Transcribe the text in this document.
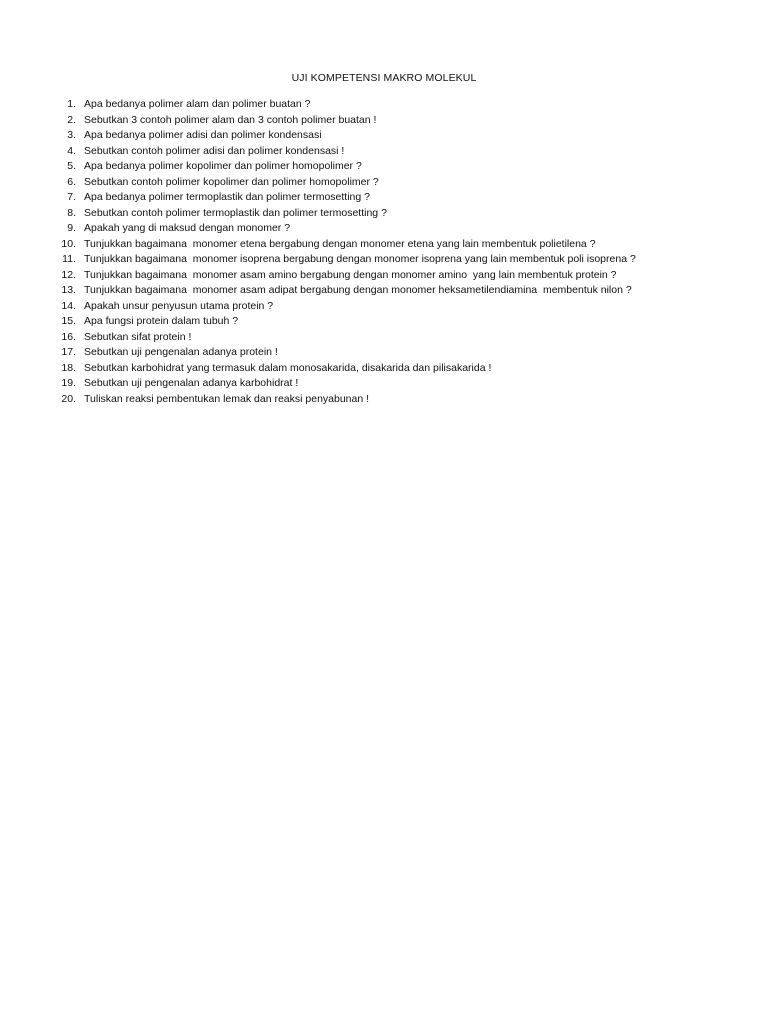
UJI KOMPETENSI MAKRO MOLEKUL
1. Apa bedanya polimer alam dan polimer buatan ?
2. Sebutkan 3 contoh polimer alam dan 3 contoh polimer buatan !
3. Apa bedanya polimer adisi dan polimer kondensasi
4. Sebutkan contoh polimer adisi dan polimer kondensasi !
5. Apa bedanya polimer kopolimer dan polimer homopolimer ?
6. Sebutkan contoh polimer kopolimer dan polimer homopolimer ?
7. Apa bedanya polimer termoplastik dan polimer termosetting ?
8. Sebutkan contoh polimer termoplastik dan polimer termosetting ?
9. Apakah yang di maksud dengan monomer ?
10. Tunjukkan bagaimana  monomer etena bergabung dengan monomer etena yang lain membentuk polietilena ?
11. Tunjukkan bagaimana  monomer isoprena bergabung dengan monomer isoprena yang lain membentuk poli isoprena ?
12. Tunjukkan bagaimana  monomer asam amino bergabung dengan monomer amino  yang lain membentuk protein ?
13. Tunjukkan bagaimana  monomer asam adipat bergabung dengan monomer heksametilendiamina  membentuk nilon ?
14. Apakah unsur penyusun utama protein ?
15. Apa fungsi protein dalam tubuh ?
16. Sebutkan sifat protein !
17. Sebutkan uji pengenalan adanya protein !
18. Sebutkan karbohidrat yang termasuk dalam monosakarida, disakarida dan pilisakarida !
19. Sebutkan uji pengenalan adanya karbohidrat !
20. Tuliskan reaksi pembentukan lemak dan reaksi penyabunan !
